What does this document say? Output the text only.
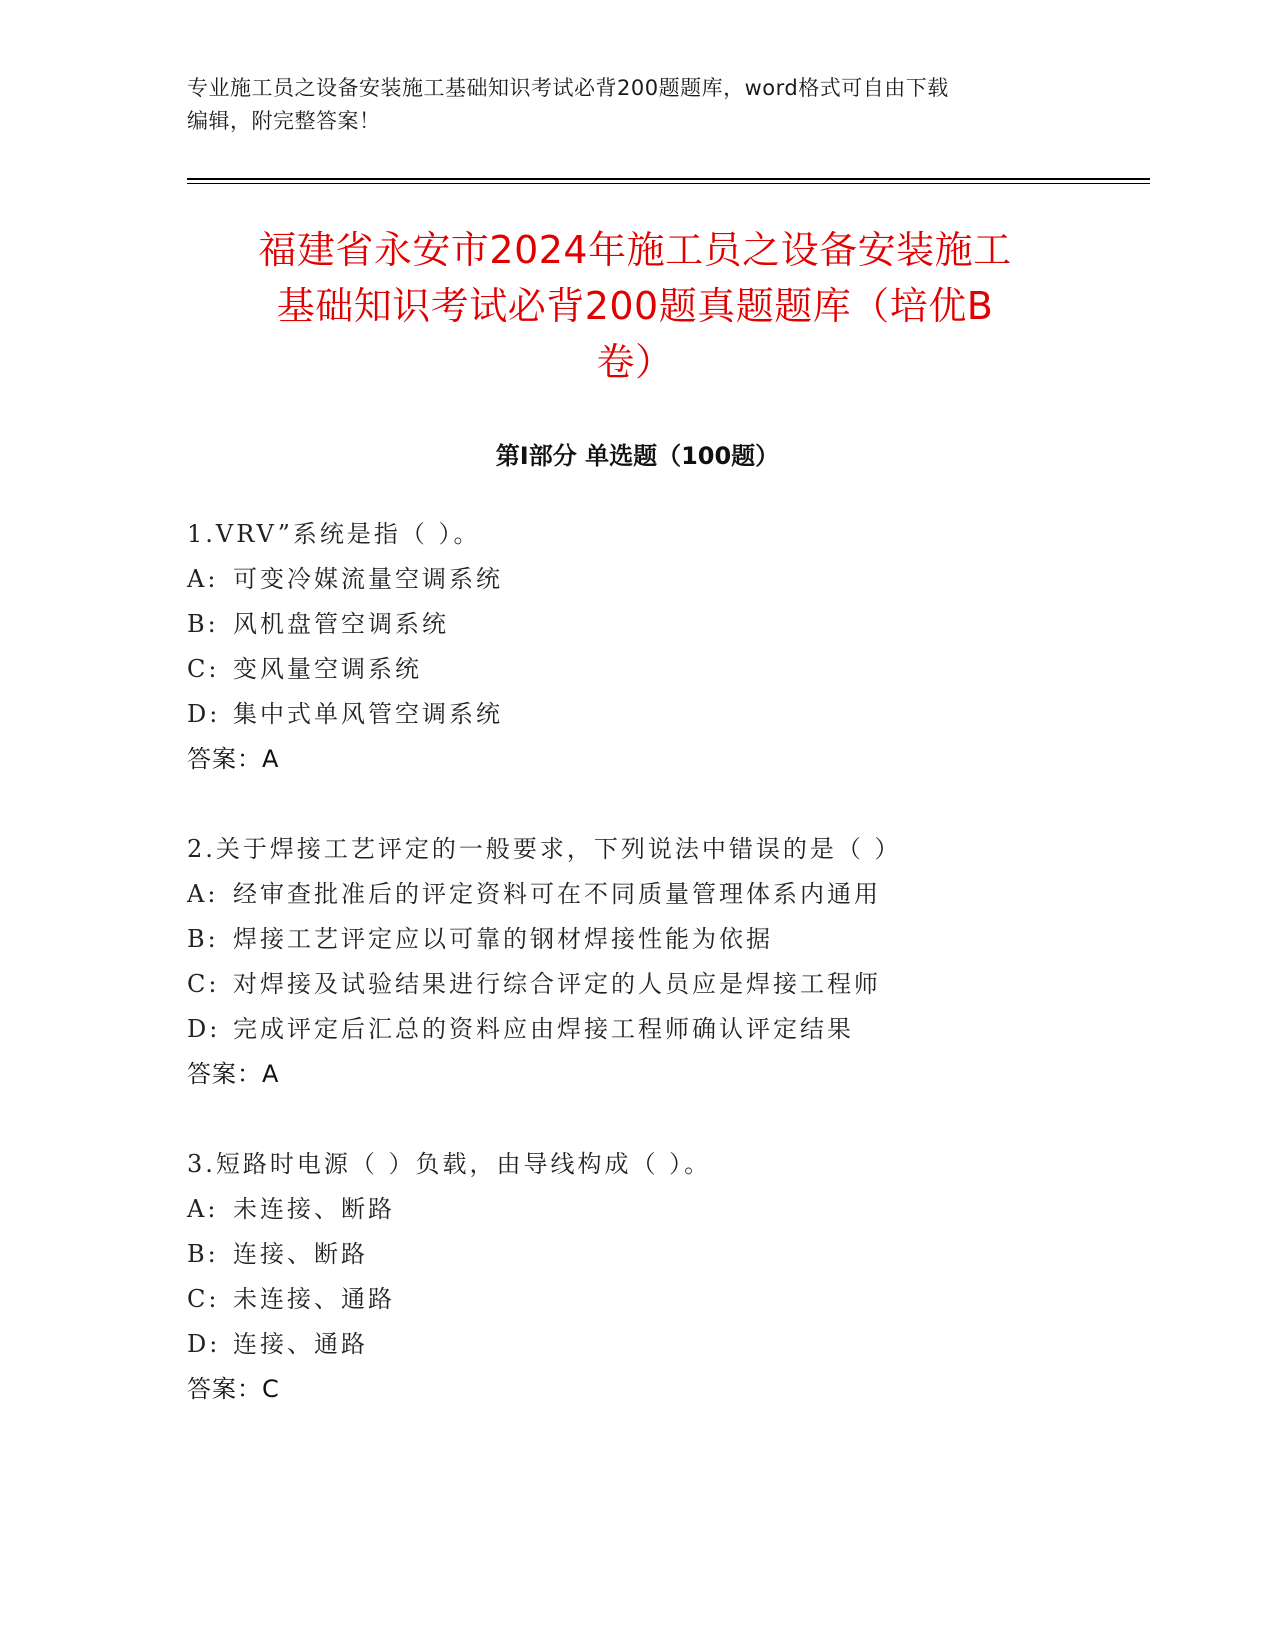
专业施工员之设备安装施工基础知识考试必背200题题库，word格式可自由下载
编辑，附完整答案！
福建省永安市2024年施工员之设备安装施工
基础知识考试必背200题真题题库（培优B
卷）
第Ⅰ部分 单选题（100题）
1.VRV”系统是指（ ）。
A: 可变冷媒流量空调系统
B: 风机盘管空调系统
C: 变风量空调系统
D: 集中式单风管空调系统
答案：A
2.关于焊接工艺评定的一般要求，下列说法中错误的是（ ）
A: 经审查批准后的评定资料可在不同质量管理体系内通用
B: 焊接工艺评定应以可靠的钢材焊接性能为依据
C: 对焊接及试验结果进行综合评定的人员应是焊接工程师
D: 完成评定后汇总的资料应由焊接工程师确认评定结果
答案：A
3.短路时电源（ ）负载，由导线构成（ ）。
A: 未连接、断路
B: 连接、断路
C: 未连接、通路
D: 连接、通路
答案：C
